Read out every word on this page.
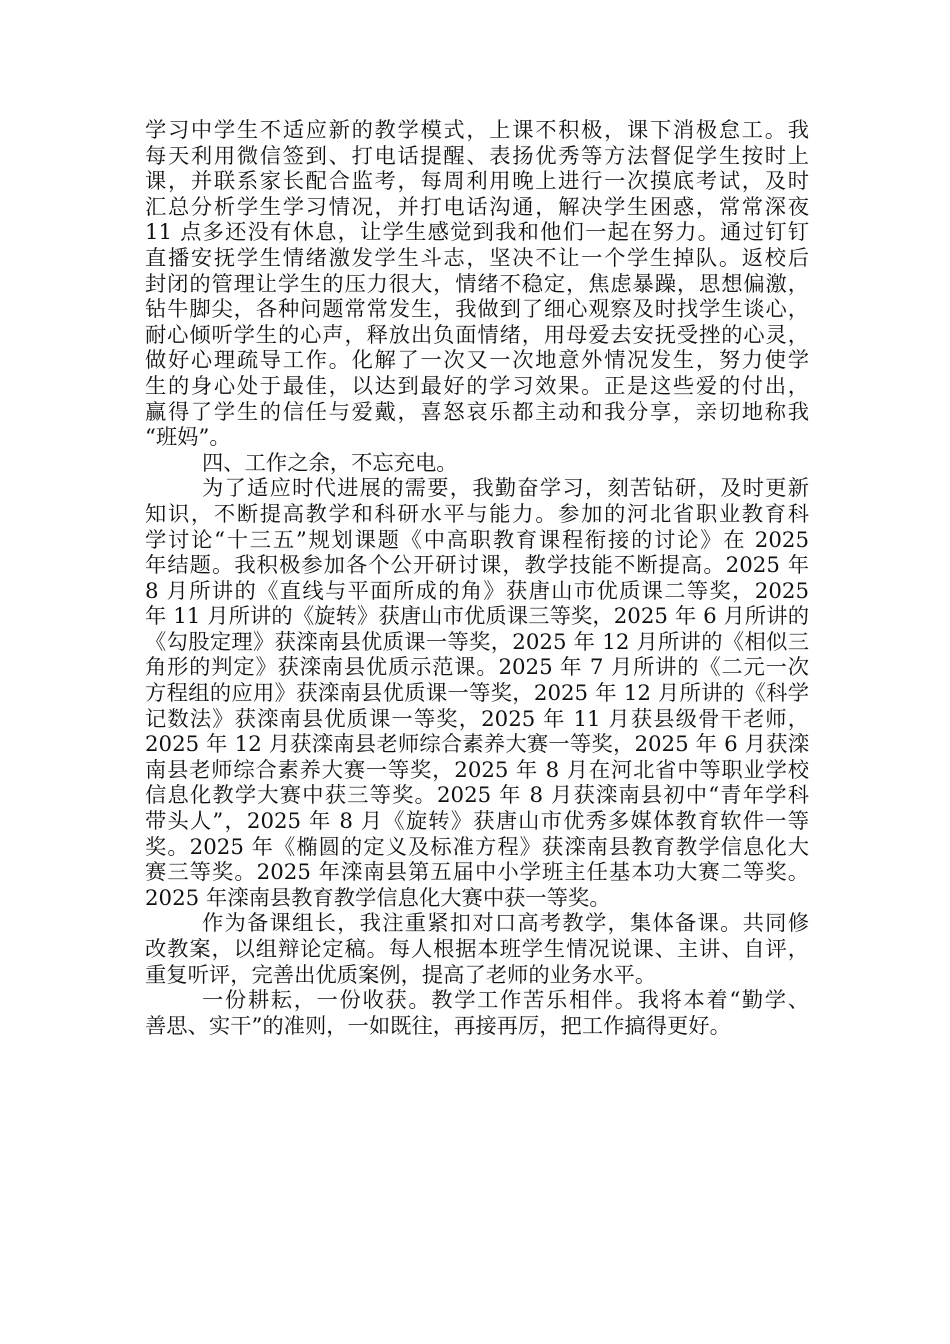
学习中学生不适应新的教学模式，上课不积极，课下消极怠工。我
每天利用微信签到、打电话提醒、表扬优秀等方法督促学生按时上
课，并联系家长配合监考，每周利用晚上进行一次摸底考试，及时
汇总分析学生学习情况，并打电话沟通，解决学生困惑，常常深夜
11 点多还没有休息，让学生感觉到我和他们一起在努力。通过钉钉
直播安抚学生情绪激发学生斗志，坚决不让一个学生掉队。返校后
封闭的管理让学生的压力很大，情绪不稳定，焦虑暴躁，思想偏激，
钻牛脚尖，各种问题常常发生，我做到了细心观察及时找学生谈心，
耐心倾听学生的心声，释放出负面情绪，用母爱去安抚受挫的心灵，
做好心理疏导工作。化解了一次又一次地意外情况发生，努力使学
生的身心处于最佳，以达到最好的学习效果。正是这些爱的付出，
赢得了学生的信任与爱戴，喜怒哀乐都主动和我分享，亲切地称我
“班妈”。
四、工作之余，不忘充电。
为了适应时代进展的需要，我勤奋学习，刻苦钻研，及时更新
知识，不断提高教学和科研水平与能力。参加的河北省职业教育科
学讨论“十三五”规划课题《中高职教育课程衔接的讨论》在 2025
年结题。我积极参加各个公开研讨课，教学技能不断提高。2025 年
8 月所讲的《直线与平面所成的角》获唐山市优质课二等奖，2025
年 11 月所讲的《旋转》获唐山市优质课三等奖，2025 年 6 月所讲的
《勾股定理》获滦南县优质课一等奖，2025 年 12 月所讲的《相似三
角形的判定》获滦南县优质示范课。2025 年 7 月所讲的《二元一次
方程组的应用》获滦南县优质课一等奖，2025 年 12 月所讲的《科学
记数法》获滦南县优质课一等奖，2025 年 11 月获县级骨干老师，
2025 年 12 月获滦南县老师综合素养大赛一等奖，2025 年 6 月获滦
南县老师综合素养大赛一等奖，2025 年 8 月在河北省中等职业学校
信息化教学大赛中获三等奖。2025 年 8 月获滦南县初中“青年学科
带头人”，2025 年 8 月《旋转》获唐山市优秀多媒体教育软件一等
奖。2025 年《椭圆的定义及标准方程》获滦南县教育教学信息化大
赛三等奖。2025 年滦南县第五届中小学班主任基本功大赛二等奖。
2025 年滦南县教育教学信息化大赛中获一等奖。
作为备课组长，我注重紧扣对口高考教学，集体备课。共同修
改教案，以组辩论定稿。每人根据本班学生情况说课、主讲、自评，
重复听评，完善出优质案例，提高了老师的业务水平。
一份耕耘，一份收获。教学工作苦乐相伴。我将本着“勤学、
善思、实干”的准则，一如既往，再接再厉，把工作搞得更好。
